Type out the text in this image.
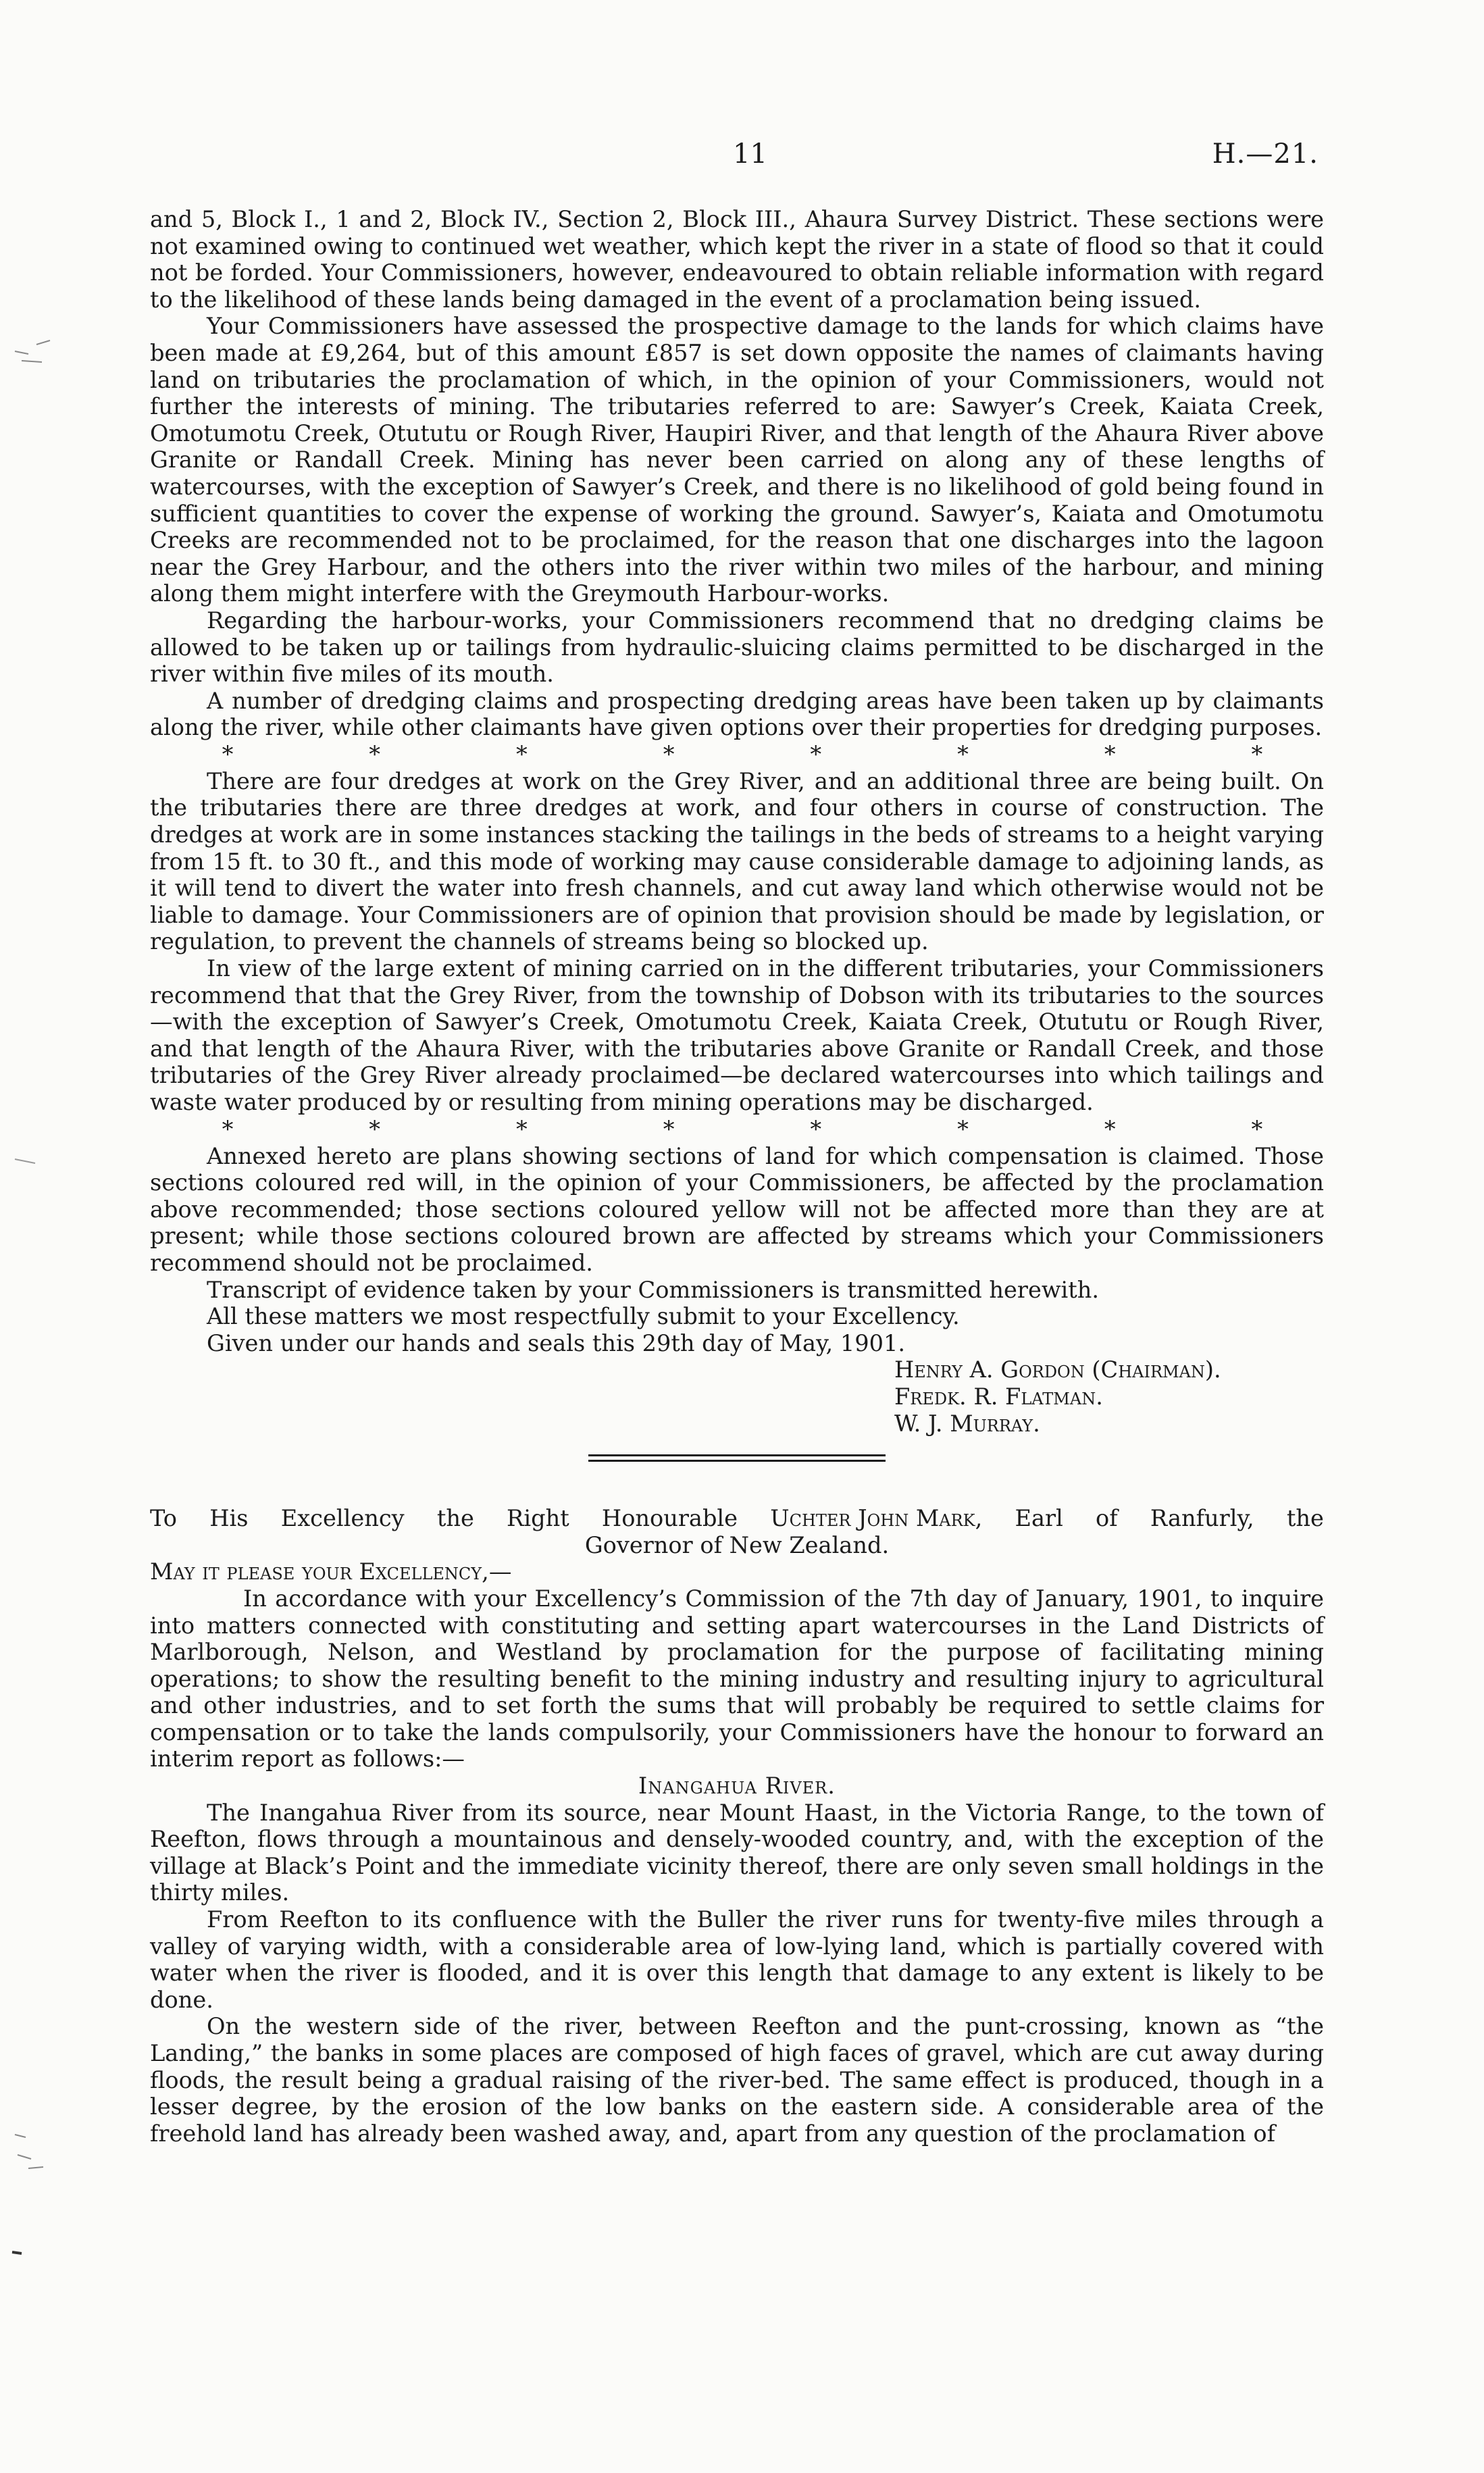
11	H.—21.

and 5, Block I., 1 and 2, Block IV., Section 2, Block III., Ahaura Survey District. These sections were not examined owing to continued wet weather, which kept the river in a state of flood so that it could not be forded. Your Commissioners, however, endeavoured to obtain reliable information with regard to the likelihood of these lands being damaged in the event of a proclamation being issued.

Your Commissioners have assessed the prospective damage to the lands for which claims have been made at £9,264, but of this amount £857 is set down opposite the names of claimants having land on tributaries the proclamation of which, in the opinion of your Commissioners, would not further the interests of mining. The tributaries referred to are: Sawyer’s Creek, Kaiata Creek, Omotumotu Creek, Otututu or Rough River, Haupiri River, and that length of the Ahaura River above Granite or Randall Creek. Mining has never been carried on along any of these lengths of watercourses, with the exception of Sawyer’s Creek, and there is no likelihood of gold being found in sufficient quantities to cover the expense of working the ground. Sawyer’s, Kaiata and Omotumotu Creeks are recommended not to be proclaimed, for the reason that one discharges into the lagoon near the Grey Harbour, and the others into the river within two miles of the harbour, and mining along them might interfere with the Greymouth Harbour-works.

Regarding the harbour-works, your Commissioners recommend that no dredging claims be allowed to be taken up or tailings from hydraulic-sluicing claims permitted to be discharged in the river within five miles of its mouth.

A number of dredging claims and prospecting dredging areas have been taken up by claimants along the river, while other claimants have given options over their properties for dredging purposes.

*	*	*	*	*	*	*	*

There are four dredges at work on the Grey River, and an additional three are being built. On the tributaries there are three dredges at work, and four others in course of construction. The dredges at work are in some instances stacking the tailings in the beds of streams to a height varying from 15 ft. to 30 ft., and this mode of working may cause considerable damage to adjoining lands, as it will tend to divert the water into fresh channels, and cut away land which otherwise would not be liable to damage. Your Commissioners are of opinion that provision should be made by legislation, or regulation, to prevent the channels of streams being so blocked up.

In view of the large extent of mining carried on in the different tributaries, your Commissioners recommend that that the Grey River, from the township of Dobson with its tributaries to the sources—with the exception of Sawyer’s Creek, Omotumotu Creek, Kaiata Creek, Otututu or Rough River, and that length of the Ahaura River, with the tributaries above Granite or Randall Creek, and those tributaries of the Grey River already proclaimed—be declared watercourses into which tailings and waste water produced by or resulting from mining operations may be discharged.

*	*	*	*	*	*	*	*

Annexed hereto are plans showing sections of land for which compensation is claimed. Those sections coloured red will, in the opinion of your Commissioners, be affected by the proclamation above recommended; those sections coloured yellow will not be affected more than they are at present; while those sections coloured brown are affected by streams which your Commissioners recommend should not be proclaimed.

Transcript of evidence taken by your Commissioners is transmitted herewith.

All these matters we most respectfully submit to your Excellency.

Given under our hands and seals this 29th day of May, 1901.

Henry A. Gordon (Chairman).
Fredk. R. Flatman.
W. J. Murray.
To His Excellency the Right Honourable Uchter John Mark, Earl of Ranfurly, the
Governor of New Zealand.

May it please your Excellency,—

In accordance with your Excellency’s Commission of the 7th day of January, 1901, to inquire into matters connected with constituting and setting apart watercourses in the Land Districts of Marlborough, Nelson, and Westland by proclamation for the purpose of facilitating mining operations; to show the resulting benefit to the mining industry and resulting injury to agricultural and other industries, and to set forth the sums that will probably be required to settle claims for compensation or to take the lands compulsorily, your Commissioners have the honour to forward an interim report as follows:—

Inangahua River.

The Inangahua River from its source, near Mount Haast, in the Victoria Range, to the town of Reefton, flows through a mountainous and densely-wooded country, and, with the exception of the village at Black’s Point and the immediate vicinity thereof, there are only seven small holdings in the thirty miles.

From Reefton to its confluence with the Buller the river runs for twenty-five miles through a valley of varying width, with a considerable area of low-lying land, which is partially covered with water when the river is flooded, and it is over this length that damage to any extent is likely to be done.

On the western side of the river, between Reefton and the punt-crossing, known as “the Landing,” the banks in some places are composed of high faces of gravel, which are cut away during floods, the result being a gradual raising of the river-bed. The same effect is produced, though in a lesser degree, by the erosion of the low banks on the eastern side. A considerable area of the freehold land has already been washed away, and, apart from any question of the proclamation of
